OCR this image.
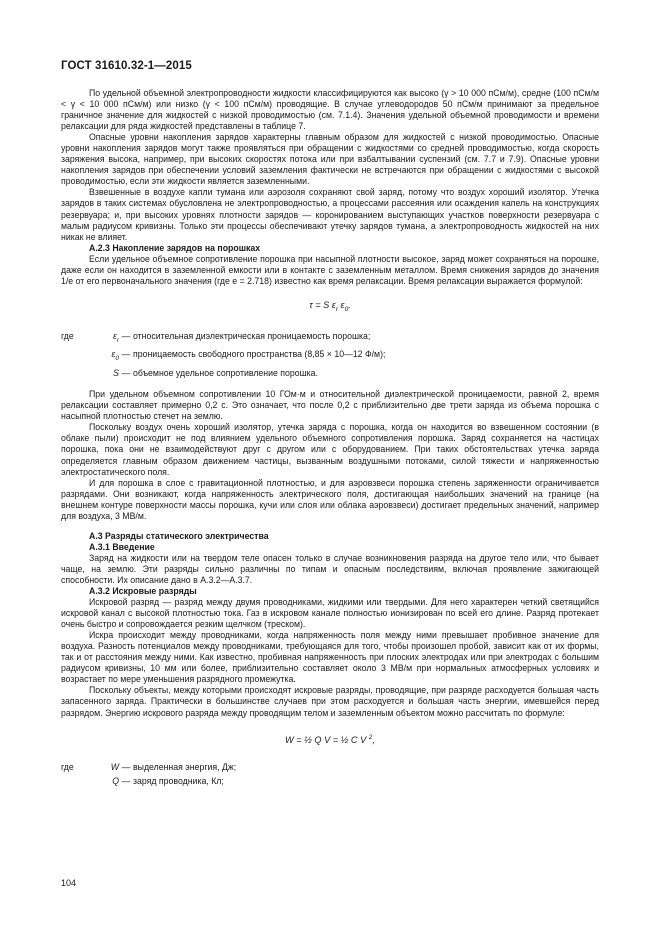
ГОСТ 31610.32-1—2015

По удельной объемной электропроводности жидкости классифицируются как высоко (γ > 10 000 пСм/м), средне (100 пСм/м < γ < 10 000 пСм/м) или низко (γ < 100 пСм/м) проводящие. В случае углеводородов 50 пСм/м принимают за предельное граничное значение для жидкостей с низкой проводимостью (см. 7.1.4). Значения удельной объемной проводимости и времени релаксации для ряда жидкостей представлены в таблице 7.

Опасные уровни накопления зарядов характерны главным образом для жидкостей с низкой проводимостью. Опасные уровни накопления зарядов могут также проявляться при обращении с жидкостями со средней проводимостью, когда скорость заряжения высока, например, при высоких скоростях потока или при взбалтывании суспензий (см. 7.7 и 7.9). Опасные уровни накопления зарядов при обеспечении условий заземления фактически не встречаются при обращении с жидкостями с высокой проводимостью, если эти жидкости является заземленными.

Взвешенные в воздухе капли тумана или аэрозоля сохраняют свой заряд, потому что воздух хороший изолятор. Утечка зарядов в таких системах обусловлена не электропроводностью, а процессами рассеяния или осаждения капель на конструкциях резервуара; и, при высоких уровнях плотности зарядов — коронированием выступающих участков поверхности резервуара с малым радиусом кривизны. Только эти процессы обеспечивают утечку зарядов тумана, а электропроводность жидкостей на них никак не влияет.

А.2.3 Накопление зарядов на порошках

Если удельное объемное сопротивление порошка при насыпной плотности высокое, заряд может сохраняться на порошке, даже если он находится в заземленной емкости или в контакте с заземленным металлом. Время снижения зарядов до значения 1/e от его первоначального значения (где e = 2.718) известно как время релаксации. Время релаксации выражается формулой:

τ = S $\varepsilon_r$ $\varepsilon_0$.
где	$\varepsilon_r$ — относительная диэлектрическая проницаемость порошка;
$\varepsilon_0$ — проницаемость свободного пространства (8,85 × 10—12 Ф/м);
S — объемное удельное сопротивление порошка.

При удельном объемном сопротивлении 10 ГОм·м и относительной диэлектрической проницаемости, равной 2, время релаксации составляет примерно 0,2 с. Это означает, что после 0,2 с приблизительно две трети заряда из объема порошка с насыпной плотностью стечет на землю.

Поскольку воздух очень хороший изолятор, утечка заряда с порошка, когда он находится во взвешенном состоянии (в облаке пыли) происходит не под влиянием удельного объемного сопротивления порошка. Заряд сохраняется на частицах порошка, пока они не взаимодействуют друг с другом или с оборудованием. При таких обстоятельствах утечка заряда определяется главным образом движением частицы, вызванным воздушными потоками, силой тяжести и напряженностью электростатического поля.

И для порошка в слое с гравитационной плотностью, и для аэровзвеси порошка степень заряженности ограничивается разрядами. Они возникают, когда напряженность электрического поля, достигающая наибольших значений на границе (на внешнем контуре поверхности массы порошка, кучи или слоя или облака аэровзвеси) достигает предельных значений, например для воздуха, 3 МВ/м.

А.3 Разряды статического электричества
А.3.1 Введение

Заряд на жидкости или на твердом теле опасен только в случае возникновения разряда на другое тело или, что бывает чаще, на землю. Эти разряды сильно различны по типам и опасным последствиям, включая проявление зажигающей способности. Их описание дано в А.3.2—А.3.7.

А.3.2 Искровые разряды

Искровой разряд — разряд между двумя проводниками, жидкими или твердыми. Для него характерен четкий светящийся искровой канал с высокой плотностью тока. Газ в искровом канале полностью ионизирован по всей его длине. Разряд протекает очень быстро и сопровождается резким щелчком (треском).

Искра происходит между проводниками, когда напряженность поля между ними превышает пробивное значение для воздуха. Разность потенциалов между проводниками, требующаяся для того, чтобы произошел пробой, зависит как от их формы, так и от расстояния между ними. Как известно, пробивная напряженность при плоских электродах или при электродах с большим радиусом кривизны, 10 мм или более, приблизительно составляет около 3 МВ/м при нормальных атмосферных условиях и возрастает по мере уменьшения разрядного промежутка.

Поскольку объекты, между которыми происходят искровые разряды, проводящие, при разряде расходуется большая часть запасенного заряда. Практически в большинстве случаев при этом расходуется и большая часть энергии, имевшейся перед разрядом. Энергию искрового разряда между проводящим телом и заземленным объектом можно рассчитать по формуле:

W = ½ Q V = ½ C V $^2$,
где	W — выделенная энергия, Дж;
Q — заряд проводника, Кл;
104
